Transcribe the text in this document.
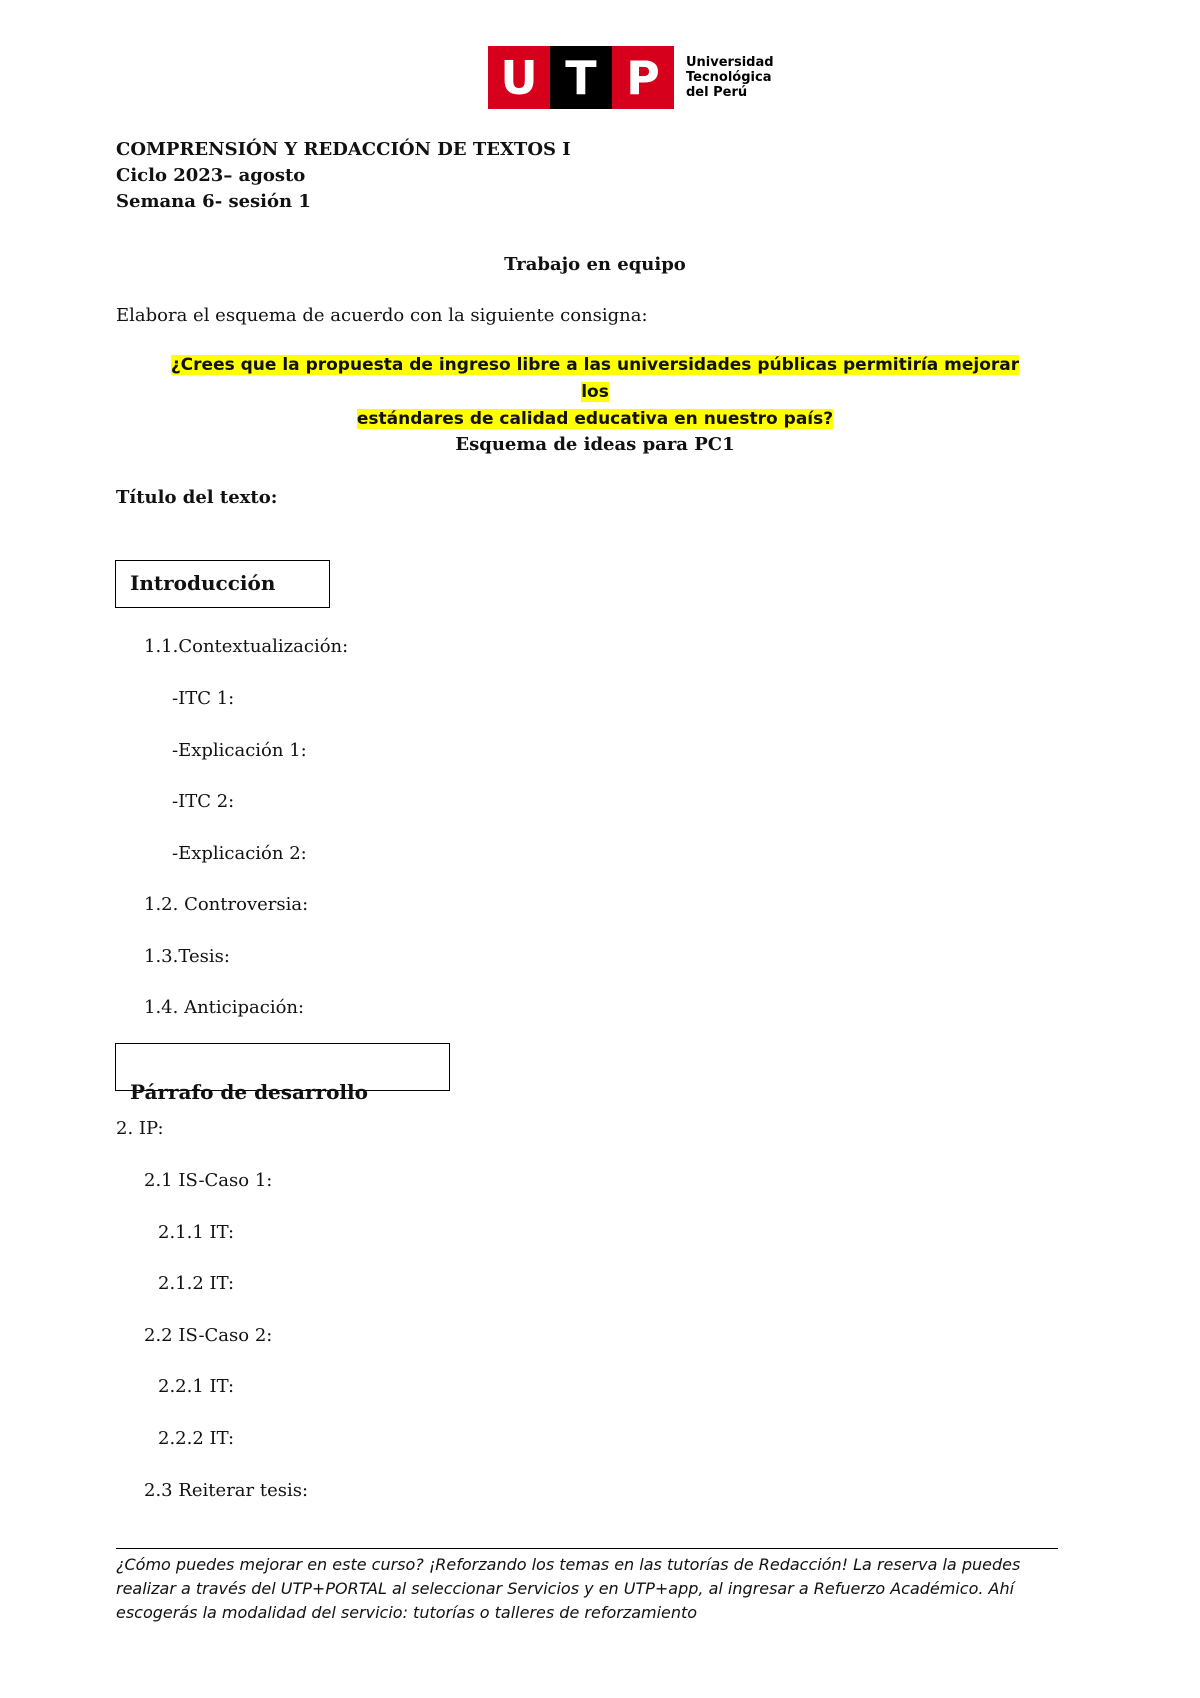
U T P	Universidad
Tecnológica
del Perú
COMPRENSIÓN Y REDACCIÓN DE TEXTOS I
Ciclo 2023– agosto
Semana 6- sesión 1
Trabajo en equipo
Elabora el esquema de acuerdo con la siguiente consigna:
¿Crees que la propuesta de ingreso libre a las universidades públicas permitiría mejorar los
estándares de calidad educativa en nuestro país?
Esquema de ideas para PC1
Título del texto:
Introducción
1.1.Contextualización:
-ITC 1:
-Explicación 1:
-ITC 2:
-Explicación 2:
1.2. Controversia:
1.3.Tesis:
1.4. Anticipación:
Párrafo de desarrollo
2. IP:
2.1 IS-Caso 1:
2.1.1 IT:
2.1.2 IT:
2.2 IS-Caso 2:
2.2.1 IT:
2.2.2 IT:
2.3 Reiterar tesis:
¿Cómo puedes mejorar en este curso? ¡Reforzando los temas en las tutorías de Redacción! La reserva la puedes realizar a través del UTP+PORTAL al seleccionar Servicios y en UTP+app, al ingresar a Refuerzo Académico. Ahí escogerás la modalidad del servicio: tutorías o talleres de reforzamiento
